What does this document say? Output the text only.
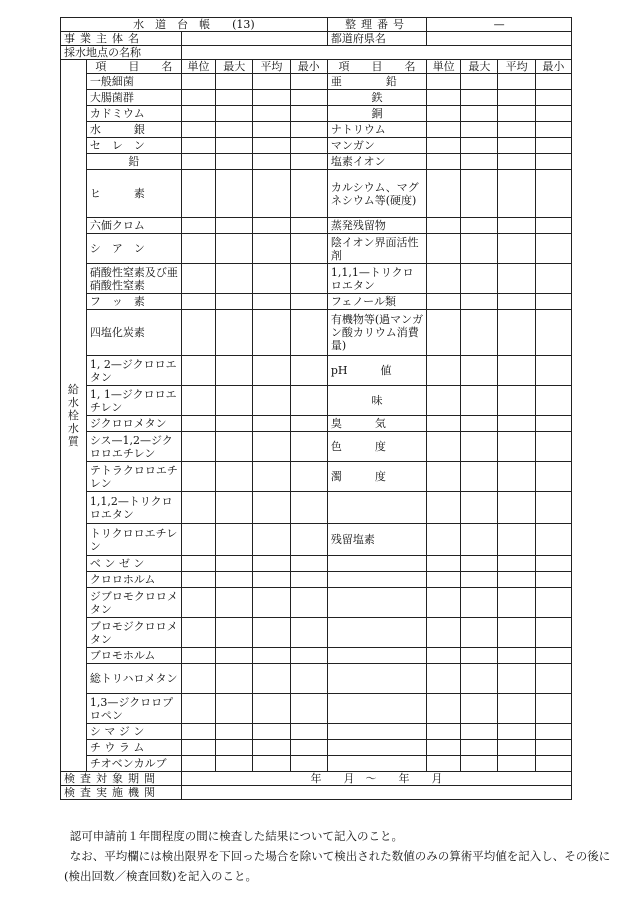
水　道　台　帳　　(13)						整理番号	—			
事業主体名						都道府県名				
採水地点の名称										

給
水
栓
水
質	項　　目　　名	単位	最大	平均	最小	項　　目　　名	単位	最大	平均	最小
	一般細菌					亜　　　　鉛				
	大腸菌群					鉄				
	カドミウム					銅				
	水　　　銀					ナトリウム				
	セ　レ　ン					マンガン				
	鉛					塩素イオン				
	ヒ　　　素					カルシウム、マグネシウム等(硬度)				
	六価クロム					蒸発残留物				
	シ　ア　ン					陰イオン界面活性剤				
	硝酸性窒素及び亜硝酸性窒素					1,1,1—トリクロロエタン				
	フ　ッ　素					フェノール類				
	四塩化炭素					有機物等(過マンガン酸カリウム消費量)				
	1, 2—ジクロロエタン					pH　　　値				
	1, 1—ジクロロエチレン					味				
	ジクロロメタン					臭　　　気				
	シス—1,2—ジクロロエチレン					色　　　度				
	テトラクロロエチレン					濁　　　度				
	1,1,2—トリクロロエタン									
	トリクロロエチレン					残留塩素				
	ベ ン ゼ ン									
	クロロホルム									
	ジブロモクロロメタン									
	ブロモジクロロメタン									
	ブロモホルム									
	総トリハロメタン									
	1,3—ジクロロプロペン									
	シ マ ジ ン									
	チ ウ ラ ム									
	チオベンカルブ									
検査対象期間		年　　月　〜　　年　　月								
検査実施機関										

認可申請前１年間程度の間に検査した結果について記入のこと。

なお、平均欄には検出限界を下回った場合を除いて検出された数値のみの算術平均値を記入し、その後に(検出回数／検査回数)を記入のこと。
